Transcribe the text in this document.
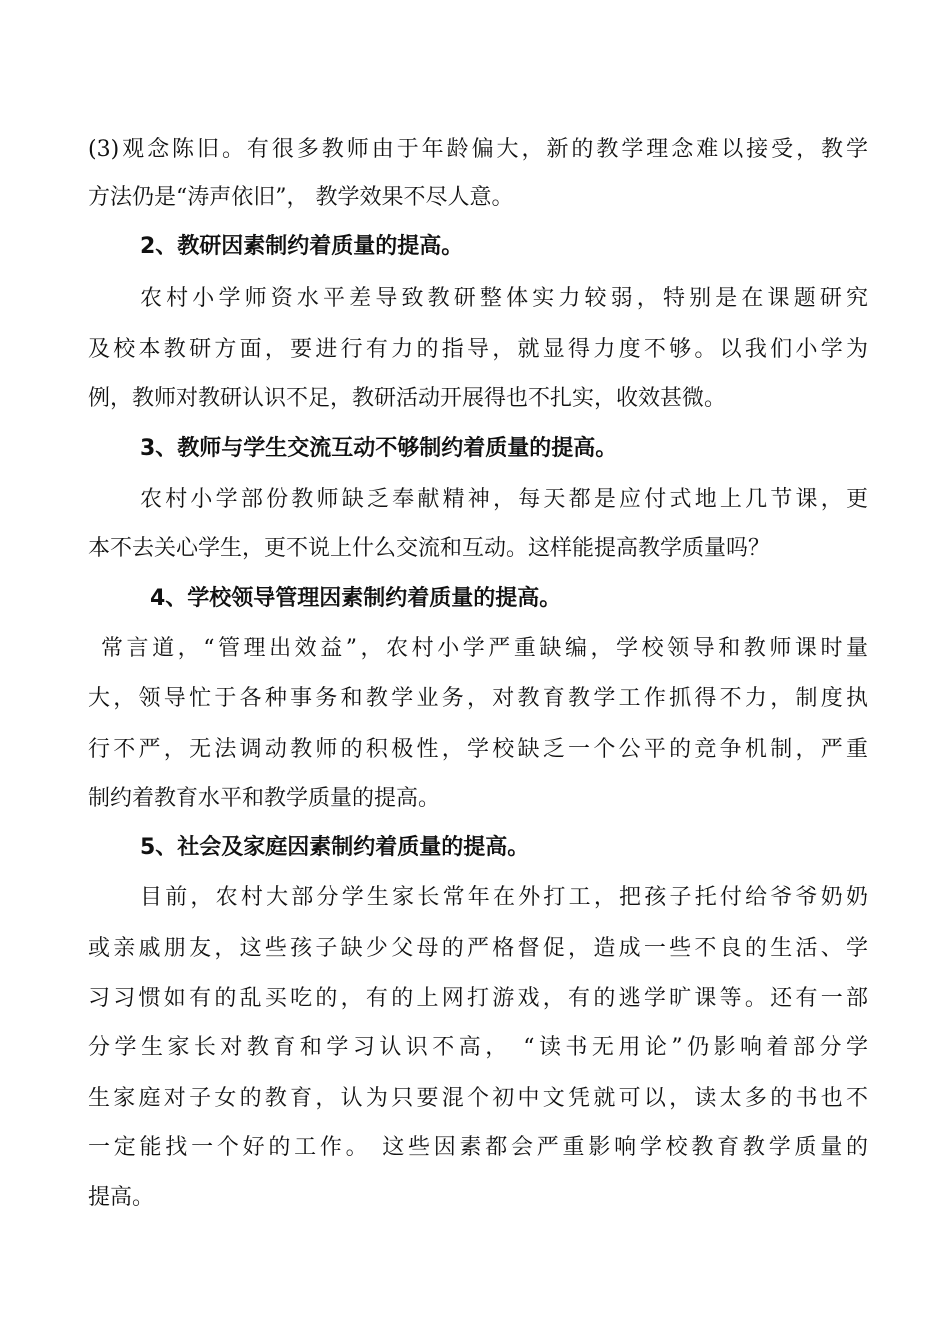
(3)观念陈旧。有很多教师由于年龄偏大，新的教学理念难以接受，教学
方法仍是“涛声依旧”， 教学效果不尽人意。
2、教研因素制约着质量的提高。
农村小学师资水平差导致教研整体实力较弱，特别是在课题研究
及校本教研方面，要进行有力的指导，就显得力度不够。以我们小学为
例，教师对教研认识不足，教研活动开展得也不扎实，收效甚微。
3、教师与学生交流互动不够制约着质量的提高。
农村小学部份教师缺乏奉献精神，每天都是应付式地上几节课，更
本不去关心学生，更不说上什么交流和互动。这样能提高教学质量吗？
4、学校领导管理因素制约着质量的提高。
常言道，“管理出效益”，农村小学严重缺编，学校领导和教师课时量
大，领导忙于各种事务和教学业务，对教育教学工作抓得不力，制度执
行不严，无法调动教师的积极性，学校缺乏一个公平的竞争机制，严重
制约着教育水平和教学质量的提高。
5、社会及家庭因素制约着质量的提高。
目前，农村大部分学生家长常年在外打工，把孩子托付给爷爷奶奶
或亲戚朋友，这些孩子缺少父母的严格督促，造成一些不良的生活、学
习习惯如有的乱买吃的，有的上网打游戏，有的逃学旷课等。还有一部
分学生家长对教育和学习认识不高， “读书无用论”仍影响着部分学
生家庭对子女的教育，认为只要混个初中文凭就可以，读太多的书也不
一定能找一个好的工作。 这些因素都会严重影响学校教育教学质量的
提高。
